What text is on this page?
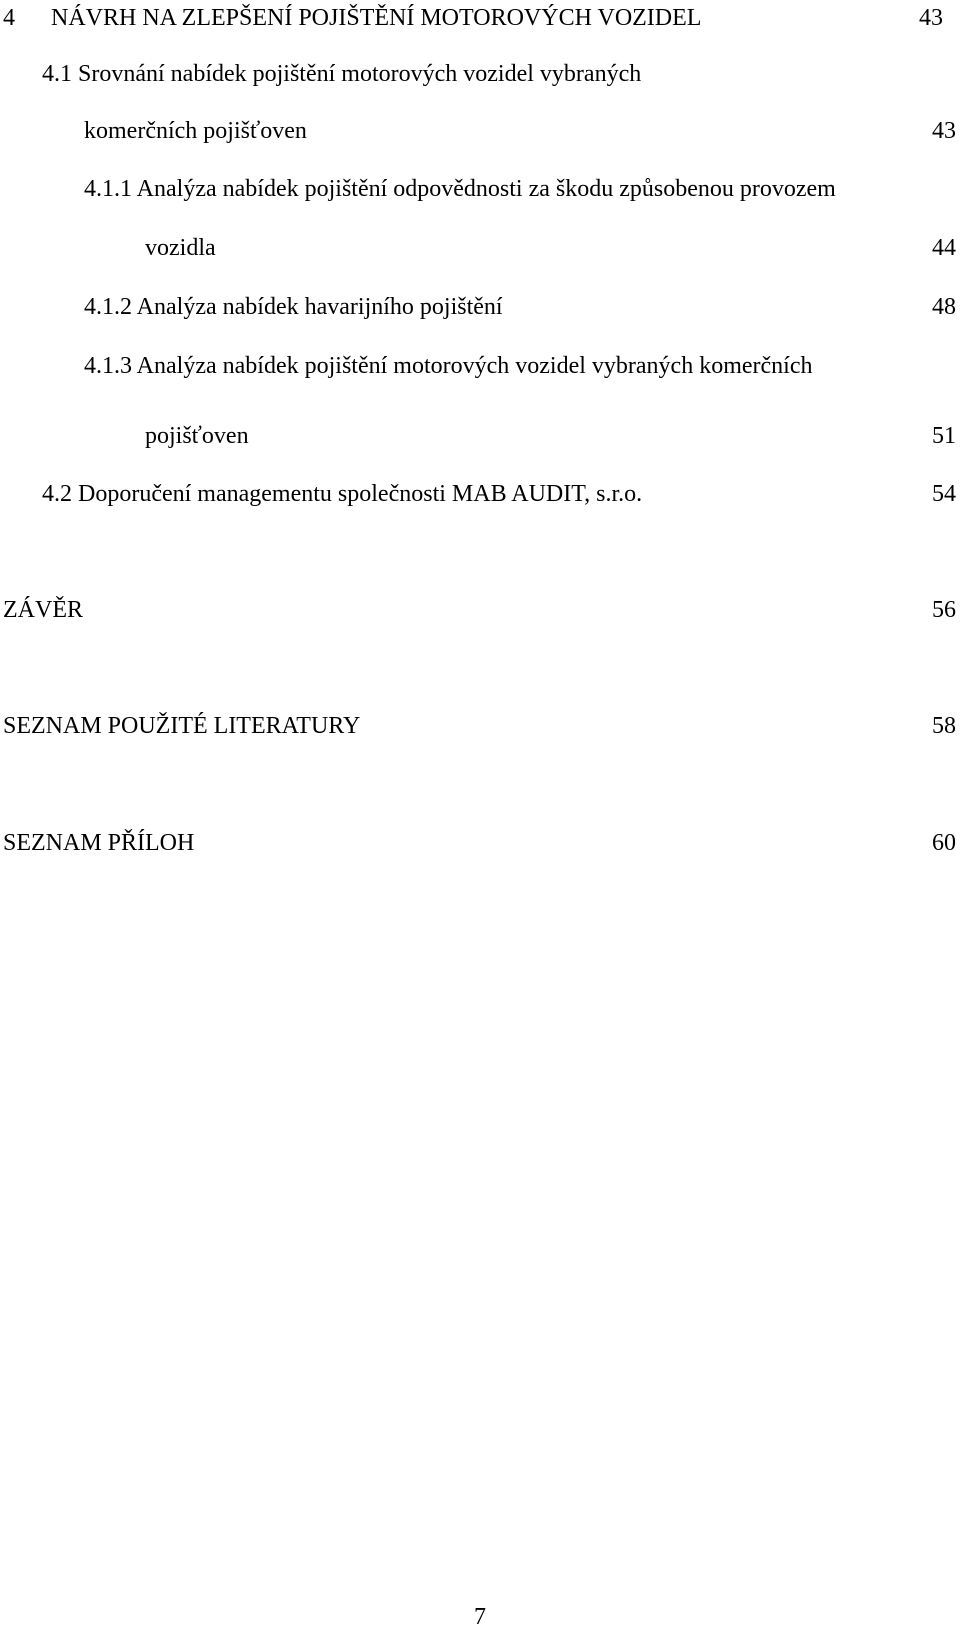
4 NÁVRH NA ZLEPŠENÍ POJIŠTĚNÍ MOTOROVÝCH VOZIDEL	43
4.1 Srovnání nabídek pojištění motorových vozidel vybraných
komerčních pojišťoven	43
4.1.1 Analýza nabídek pojištění odpovědnosti za škodu způsobenou provozem
vozidla	44
4.1.2 Analýza nabídek havarijního pojištění	48
4.1.3 Analýza nabídek pojištění motorových vozidel vybraných komerčních
pojišťoven	51
4.2 Doporučení managementu společnosti MAB AUDIT, s.r.o.	54
ZÁVĚR	56
SEZNAM POUŽITÉ LITERATURY	58
SEZNAM PŘÍLOH	60
7
